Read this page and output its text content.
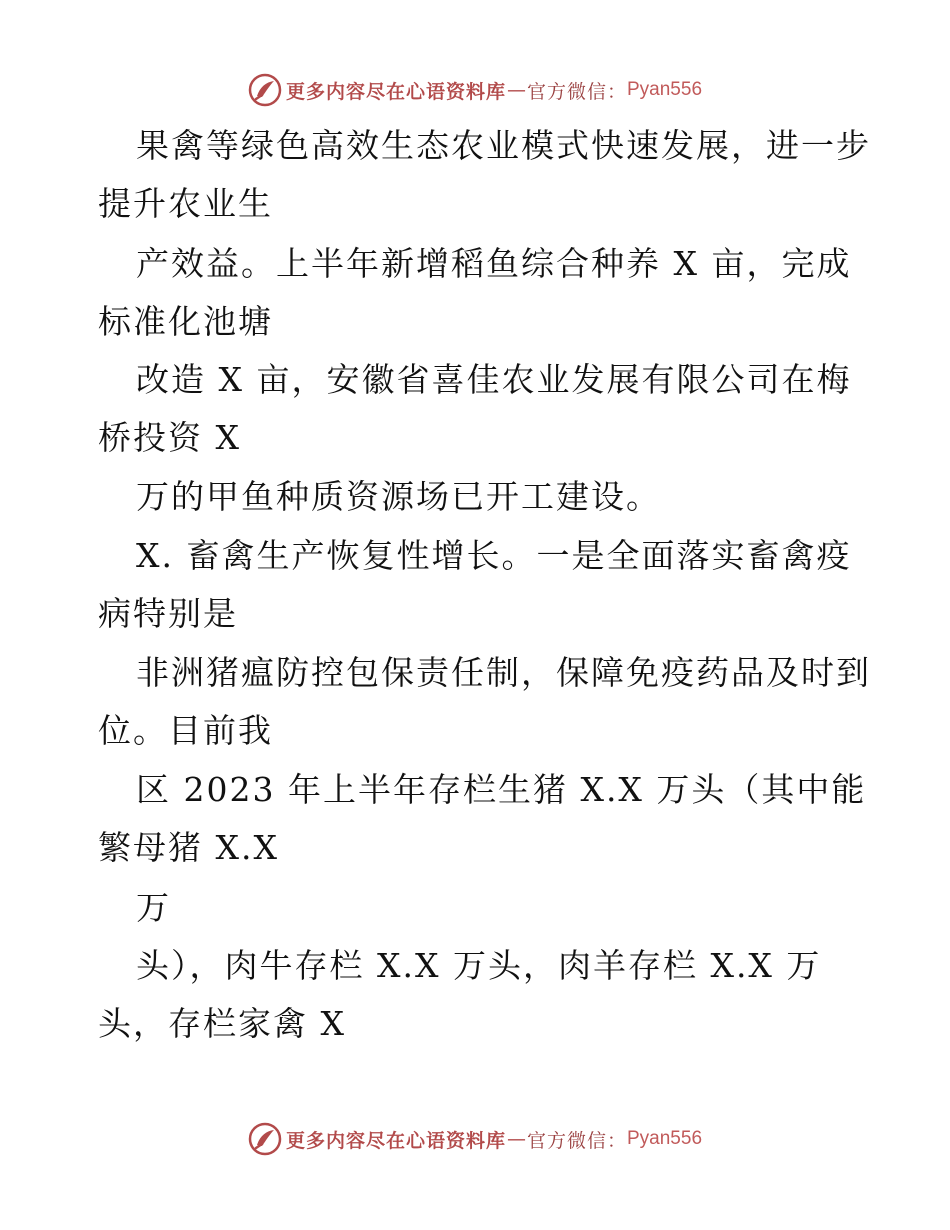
更多内容尽在心语资料库 — 官方微信： Pyan556
果禽等绿色高效生态农业模式快速发展，进一步
提升农业生
产效益。上半年新增稻鱼综合种养 X 亩，完成
标准化池塘
改造 X 亩，安徽省喜佳农业发展有限公司在梅
桥投资 X
万的甲鱼种质资源场已开工建设。
X. 畜禽生产恢复性增长。一是全面落实畜禽疫
病特别是
非洲猪瘟防控包保责任制，保障免疫药品及时到
位。目前我
区 2023 年上半年存栏生猪 X.X 万头（其中能
繁母猪 X.X
万
头），肉牛存栏 X.X 万头，肉羊存栏 X.X 万
头，存栏家禽 X
更多内容尽在心语资料库 — 官方微信： Pyan556
